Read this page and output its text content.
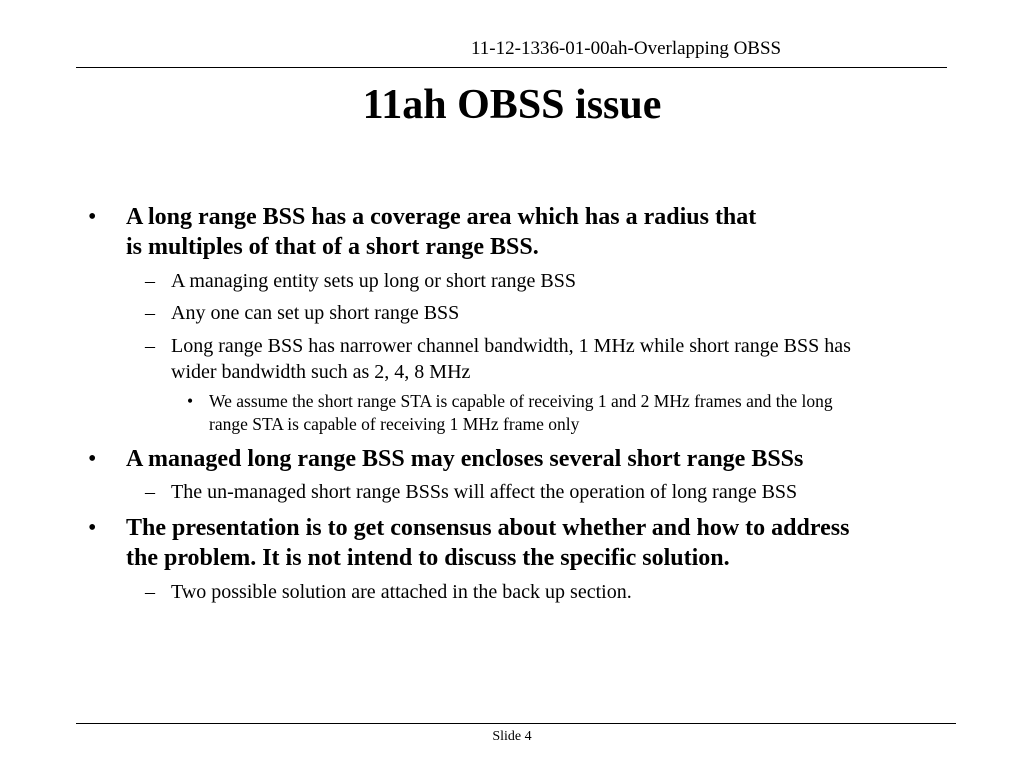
11-12-1336-01-00ah-Overlapping OBSS
11ah OBSS issue
• A long range BSS has a coverage area which has a radius that
is multiples of that of a short range BSS.
– A managing entity sets up long or short range BSS
– Any one can set up short range BSS
– Long range BSS has narrower channel bandwidth, 1 MHz while short range BSS has
wider bandwidth such as 2, 4, 8 MHz
• We assume the short range STA is capable of receiving 1 and 2 MHz frames and the long
range STA is capable of receiving 1 MHz frame only
• A managed long range BSS may encloses several short range BSSs
– The un-managed short range BSSs will affect the operation of long range BSS
• The presentation is to get consensus about whether and how to address
the problem. It is not intend to discuss the specific solution.
– Two possible solution are attached in the back up section.
Slide 4
